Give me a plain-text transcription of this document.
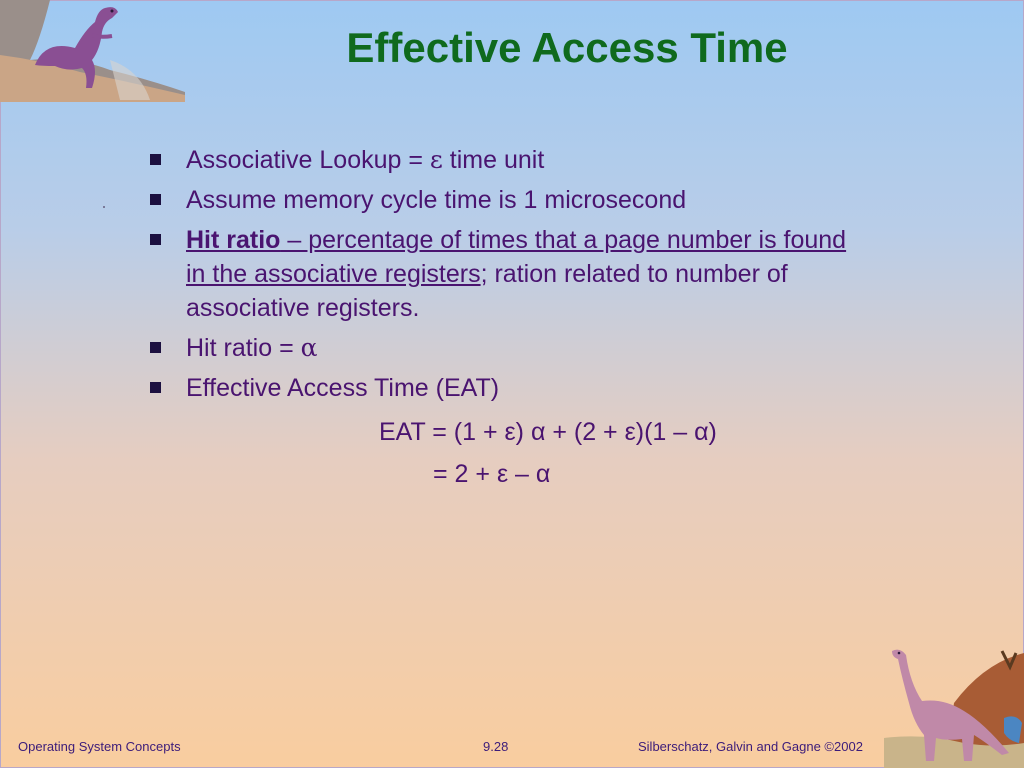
Effective Access Time
Associative Lookup = ε time unit
Assume memory cycle time is 1 microsecond
Hit ratio – percentage of times that a page number is found in the associative registers; ration related to number of associative registers.
Hit ratio = α
Effective Access Time (EAT)
EAT = (1 + ε) α + (2 + ε)(1 – α)
= 2 + ε – α
Operating System Concepts	9.28	Silberschatz, Galvin and Gagne ©2002
